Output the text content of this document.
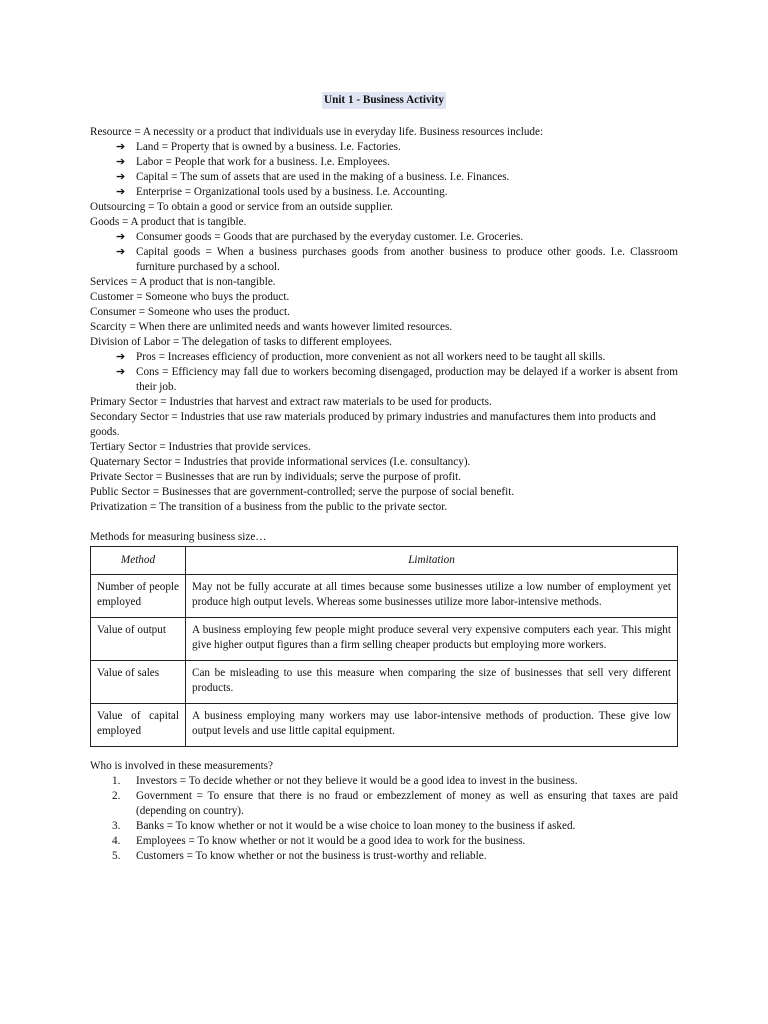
Unit 1 - Business Activity
Resource = A necessity or a product that individuals use in everyday life. Business resources include:
➔ Land = Property that is owned by a business. I.e. Factories.
➔ Labor = People that work for a business. I.e. Employees.
➔ Capital = The sum of assets that are used in the making of a business. I.e. Finances.
➔ Enterprise = Organizational tools used by a business. I.e. Accounting.
Outsourcing = To obtain a good or service from an outside supplier.
Goods = A product that is tangible.
➔ Consumer goods = Goods that are purchased by the everyday customer. I.e. Groceries.
➔ Capital goods = When a business purchases goods from another business to produce other goods. I.e. Classroom furniture purchased by a school.
Services = A product that is non-tangible.
Customer = Someone who buys the product.
Consumer = Someone who uses the product.
Scarcity = When there are unlimited needs and wants however limited resources.
Division of Labor = The delegation of tasks to different employees.
➔ Pros = Increases efficiency of production, more convenient as not all workers need to be taught all skills.
➔ Cons = Efficiency may fall due to workers becoming disengaged, production may be delayed if a worker is absent from their job.
Primary Sector = Industries that harvest and extract raw materials to be used for products.
Secondary Sector = Industries that use raw materials produced by primary industries and manufactures them into products and goods.
Tertiary Sector = Industries that provide services.
Quaternary Sector = Industries that provide informational services (I.e. consultancy).
Private Sector = Businesses that are run by individuals; serve the purpose of profit.
Public Sector = Businesses that are government-controlled; serve the purpose of social benefit.
Privatization = The transition of a business from the public to the private sector.
Methods for measuring business size…
Method	Limitation
Number of people employed	May not be fully accurate at all times because some businesses utilize a low number of employment yet produce high output levels. Whereas some businesses utilize more labor-intensive methods.
Value of output	A business employing few people might produce several very expensive computers each year. This might give higher output figures than a firm selling cheaper products but employing more workers.
Value of sales	Can be misleading to use this measure when comparing the size of businesses that sell very different products.
Value of capital employed	A business employing many workers may use labor-intensive methods of production. These give low output levels and use little capital equipment.
Who is involved in these measurements?
1. Investors = To decide whether or not they believe it would be a good idea to invest in the business.
2. Government = To ensure that there is no fraud or embezzlement of money as well as ensuring that taxes are paid (depending on country).
3. Banks = To know whether or not it would be a wise choice to loan money to the business if asked.
4. Employees = To know whether or not it would be a good idea to work for the business.
5. Customers = To know whether or not the business is trust-worthy and reliable.
